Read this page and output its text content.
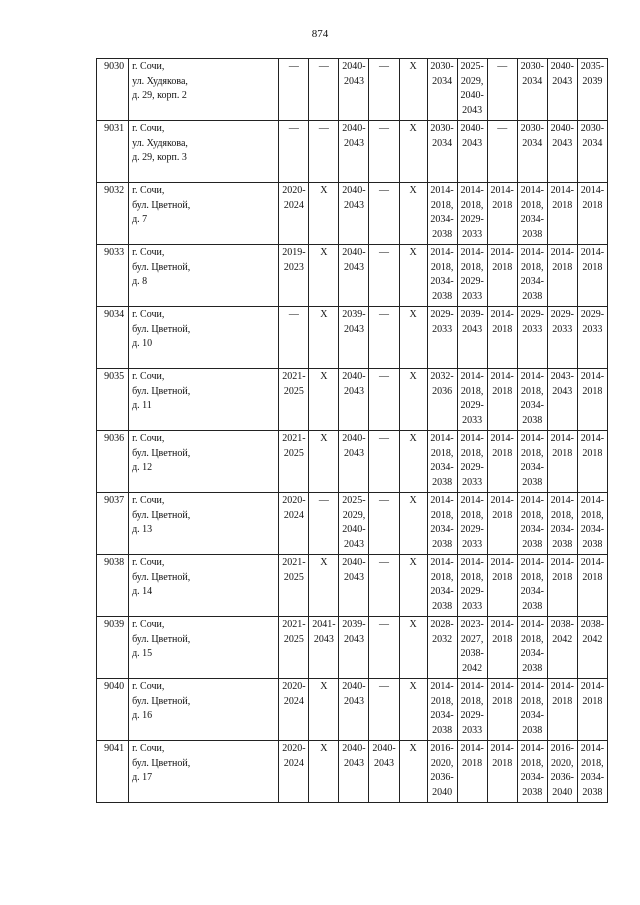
874
9030	г. Сочи,
ул. Худякова,
д. 29, корп. 2	—	—	2040-
2043	—	X	2030-
2034	2025-
2029,
2040-
2043	—	2030-
2034	2040-
2043	2035-
2039
9031	г. Сочи,
ул. Худякова,
д. 29, корп. 3	—	—	2040-
2043	—	X	2030-
2034	2040-
2043	—	2030-
2034	2040-
2043	2030-
2034
9032	г. Сочи,
бул. Цветной,
д. 7	2020-
2024	X	2040-
2043	—	X	2014-
2018,
2034-
2038	2014-
2018,
2029-
2033	2014-
2018	2014-
2018,
2034-
2038	2014-
2018	2014-
2018
9033	г. Сочи,
бул. Цветной,
д. 8	2019-
2023	X	2040-
2043	—	X	2014-
2018,
2034-
2038	2014-
2018,
2029-
2033	2014-
2018	2014-
2018,
2034-
2038	2014-
2018	2014-
2018
9034	г. Сочи,
бул. Цветной,
д. 10	—	X	2039-
2043	—	X	2029-
2033	2039-
2043	2014-
2018	2029-
2033	2029-
2033	2029-
2033
9035	г. Сочи,
бул. Цветной,
д. 11	2021-
2025	X	2040-
2043	—	X	2032-
2036	2014-
2018,
2029-
2033	2014-
2018	2014-
2018,
2034-
2038	2043-
2043	2014-
2018
9036	г. Сочи,
бул. Цветной,
д. 12	2021-
2025	X	2040-
2043	—	X	2014-
2018,
2034-
2038	2014-
2018,
2029-
2033	2014-
2018	2014-
2018,
2034-
2038	2014-
2018	2014-
2018
9037	г. Сочи,
бул. Цветной,
д. 13	2020-
2024	—	2025-
2029,
2040-
2043	—	X	2014-
2018,
2034-
2038	2014-
2018,
2029-
2033	2014-
2018	2014-
2018,
2034-
2038	2014-
2018,
2034-
2038	2014-
2018,
2034-
2038
9038	г. Сочи,
бул. Цветной,
д. 14	2021-
2025	X	2040-
2043	—	X	2014-
2018,
2034-
2038	2014-
2018,
2029-
2033	2014-
2018	2014-
2018,
2034-
2038	2014-
2018	2014-
2018
9039	г. Сочи,
бул. Цветной,
д. 15	2021-
2025	2041-
2043	2039-
2043	—	X	2028-
2032	2023-
2027,
2038-
2042	2014-
2018	2014-
2018,
2034-
2038	2038-
2042	2038-
2042
9040	г. Сочи,
бул. Цветной,
д. 16	2020-
2024	X	2040-
2043	—	X	2014-
2018,
2034-
2038	2014-
2018,
2029-
2033	2014-
2018	2014-
2018,
2034-
2038	2014-
2018	2014-
2018
9041	г. Сочи,
бул. Цветной,
д. 17	2020-
2024	X	2040-
2043	2040-
2043	X	2016-
2020,
2036-
2040	2014-
2018	2014-
2018	2014-
2018,
2034-
2038	2016-
2020,
2036-
2040	2014-
2018,
2034-
2038
